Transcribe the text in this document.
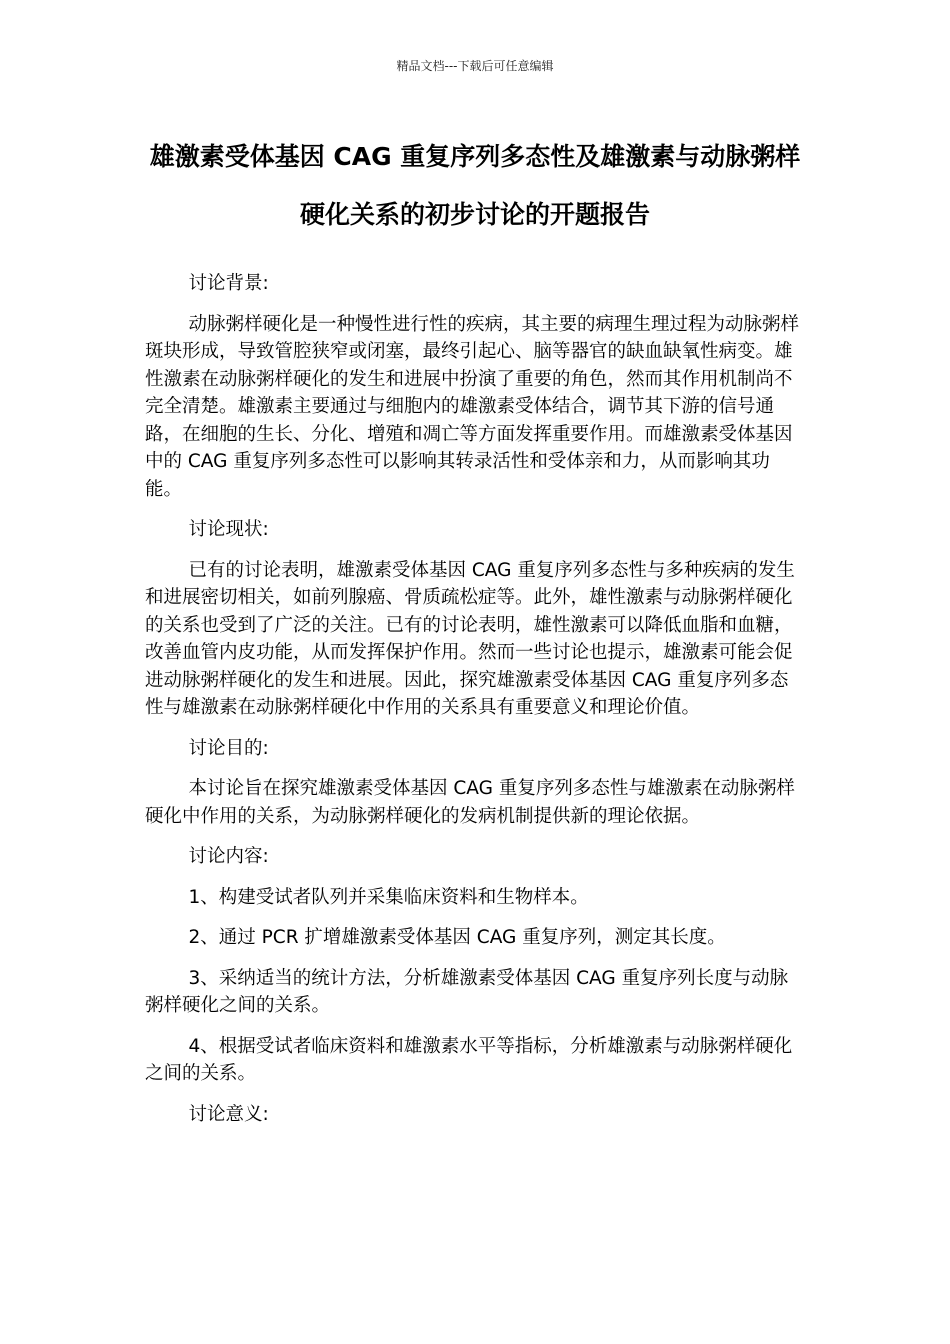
精品文档---下载后可任意编辑
雄激素受体基因 CAG 重复序列多态性及雄激素与动脉粥样硬化关系的初步讨论的开题报告

讨论背景:

动脉粥样硬化是一种慢性进行性的疾病，其主要的病理生理过程为动脉粥样斑块形成，导致管腔狭窄或闭塞，最终引起心、脑等器官的缺血缺氧性病变。雄性激素在动脉粥样硬化的发生和进展中扮演了重要的角色，然而其作用机制尚不完全清楚。雄激素主要通过与细胞内的雄激素受体结合，调节其下游的信号通路，在细胞的生长、分化、增殖和凋亡等方面发挥重要作用。而雄激素受体基因中的 CAG 重复序列多态性可以影响其转录活性和受体亲和力，从而影响其功能。

讨论现状:

已有的讨论表明，雄激素受体基因 CAG 重复序列多态性与多种疾病的发生和进展密切相关，如前列腺癌、骨质疏松症等。此外，雄性激素与动脉粥样硬化的关系也受到了广泛的关注。已有的讨论表明，雄性激素可以降低血脂和血糖，改善血管内皮功能，从而发挥保护作用。然而一些讨论也提示，雄激素可能会促进动脉粥样硬化的发生和进展。因此，探究雄激素受体基因 CAG 重复序列多态性与雄激素在动脉粥样硬化中作用的关系具有重要意义和理论价值。

讨论目的:

本讨论旨在探究雄激素受体基因 CAG 重复序列多态性与雄激素在动脉粥样硬化中作用的关系，为动脉粥样硬化的发病机制提供新的理论依据。

讨论内容:

1、构建受试者队列并采集临床资料和生物样本。

2、通过 PCR 扩增雄激素受体基因 CAG 重复序列，测定其长度。

3、采纳适当的统计方法，分析雄激素受体基因 CAG 重复序列长度与动脉粥样硬化之间的关系。

4、根据受试者临床资料和雄激素水平等指标，分析雄激素与动脉粥样硬化之间的关系。

讨论意义:
